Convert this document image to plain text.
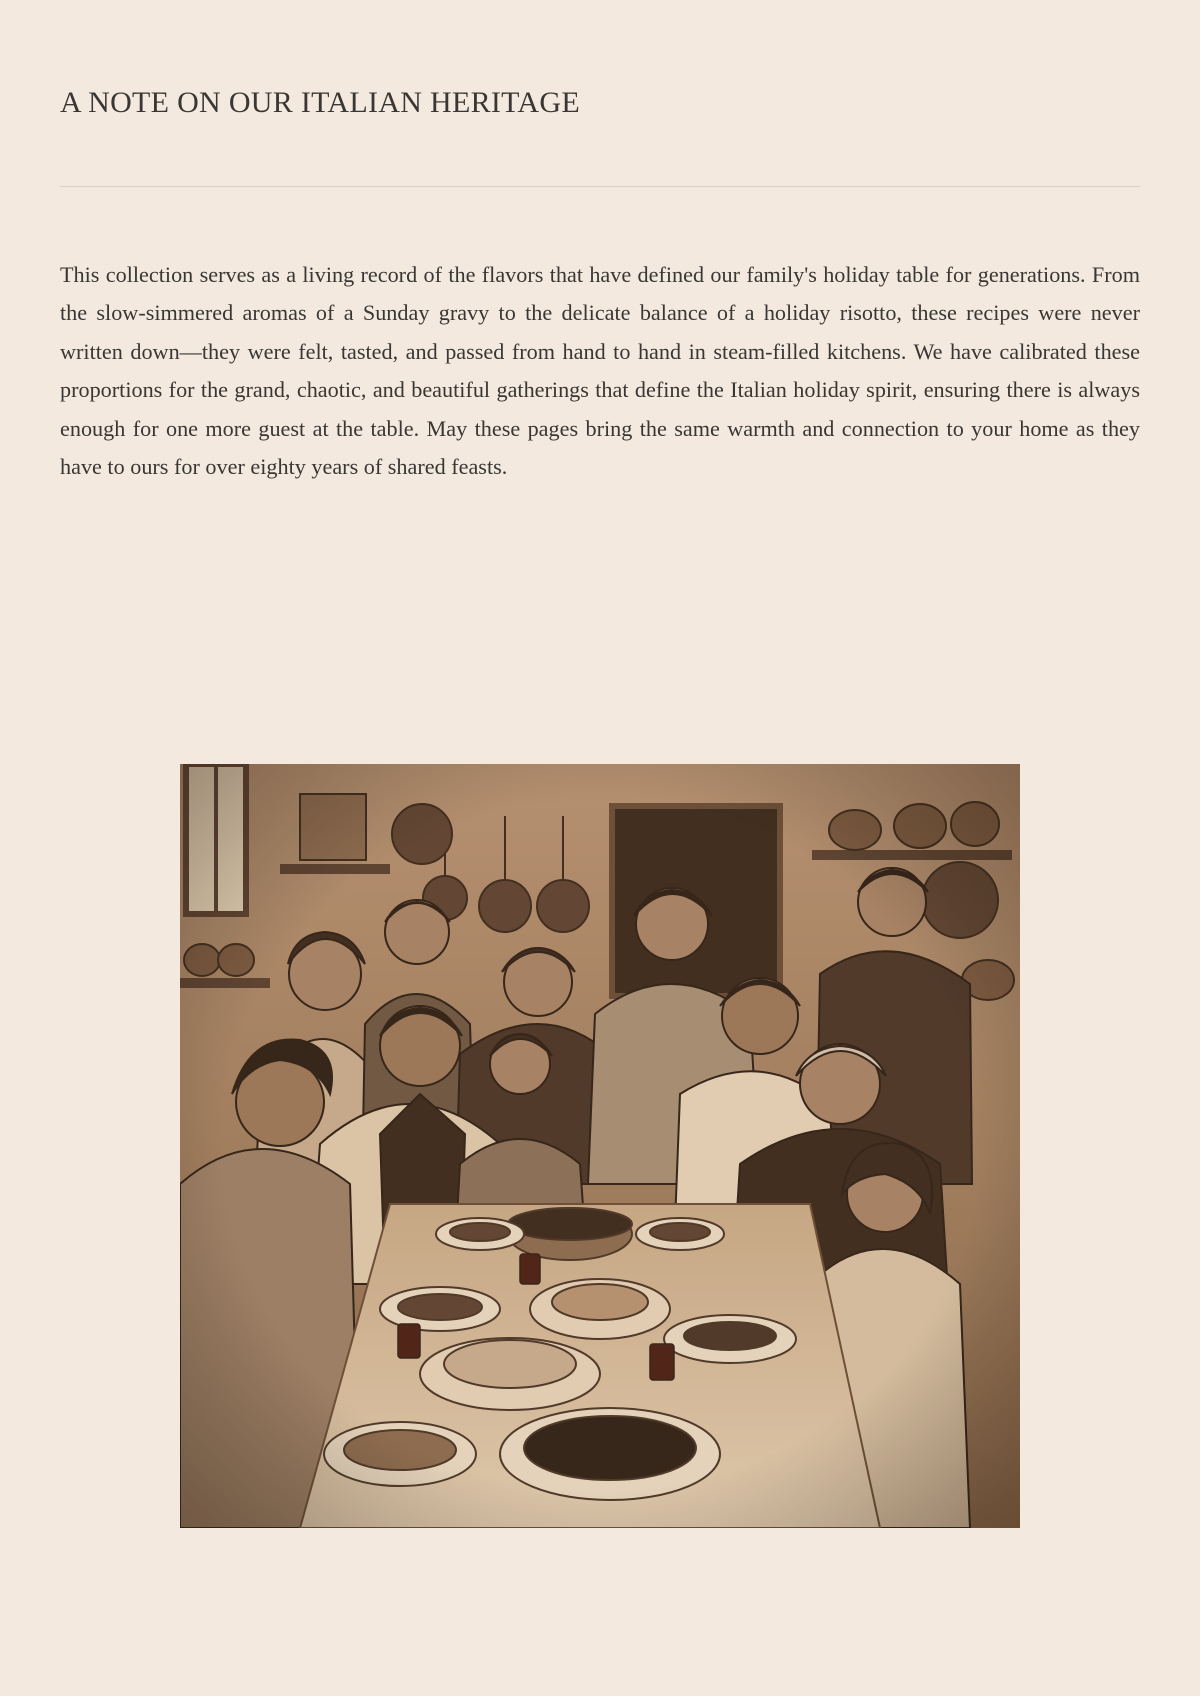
A NOTE ON OUR ITALIAN HERITAGE

This collection serves as a living record of the flavors that have defined our family's holiday table for generations. From the slow-simmered aromas of a Sunday gravy to the delicate balance of a holiday risotto, these recipes were never written down—they were felt, tasted, and passed from hand to hand in steam-filled kitchens. We have calibrated these proportions for the grand, chaotic, and beautiful gatherings that define the Italian holiday spirit, ensuring there is always enough for one more guest at the table. May these pages bring the same warmth and connection to your home as they have to ours for over eighty years of shared feasts.
